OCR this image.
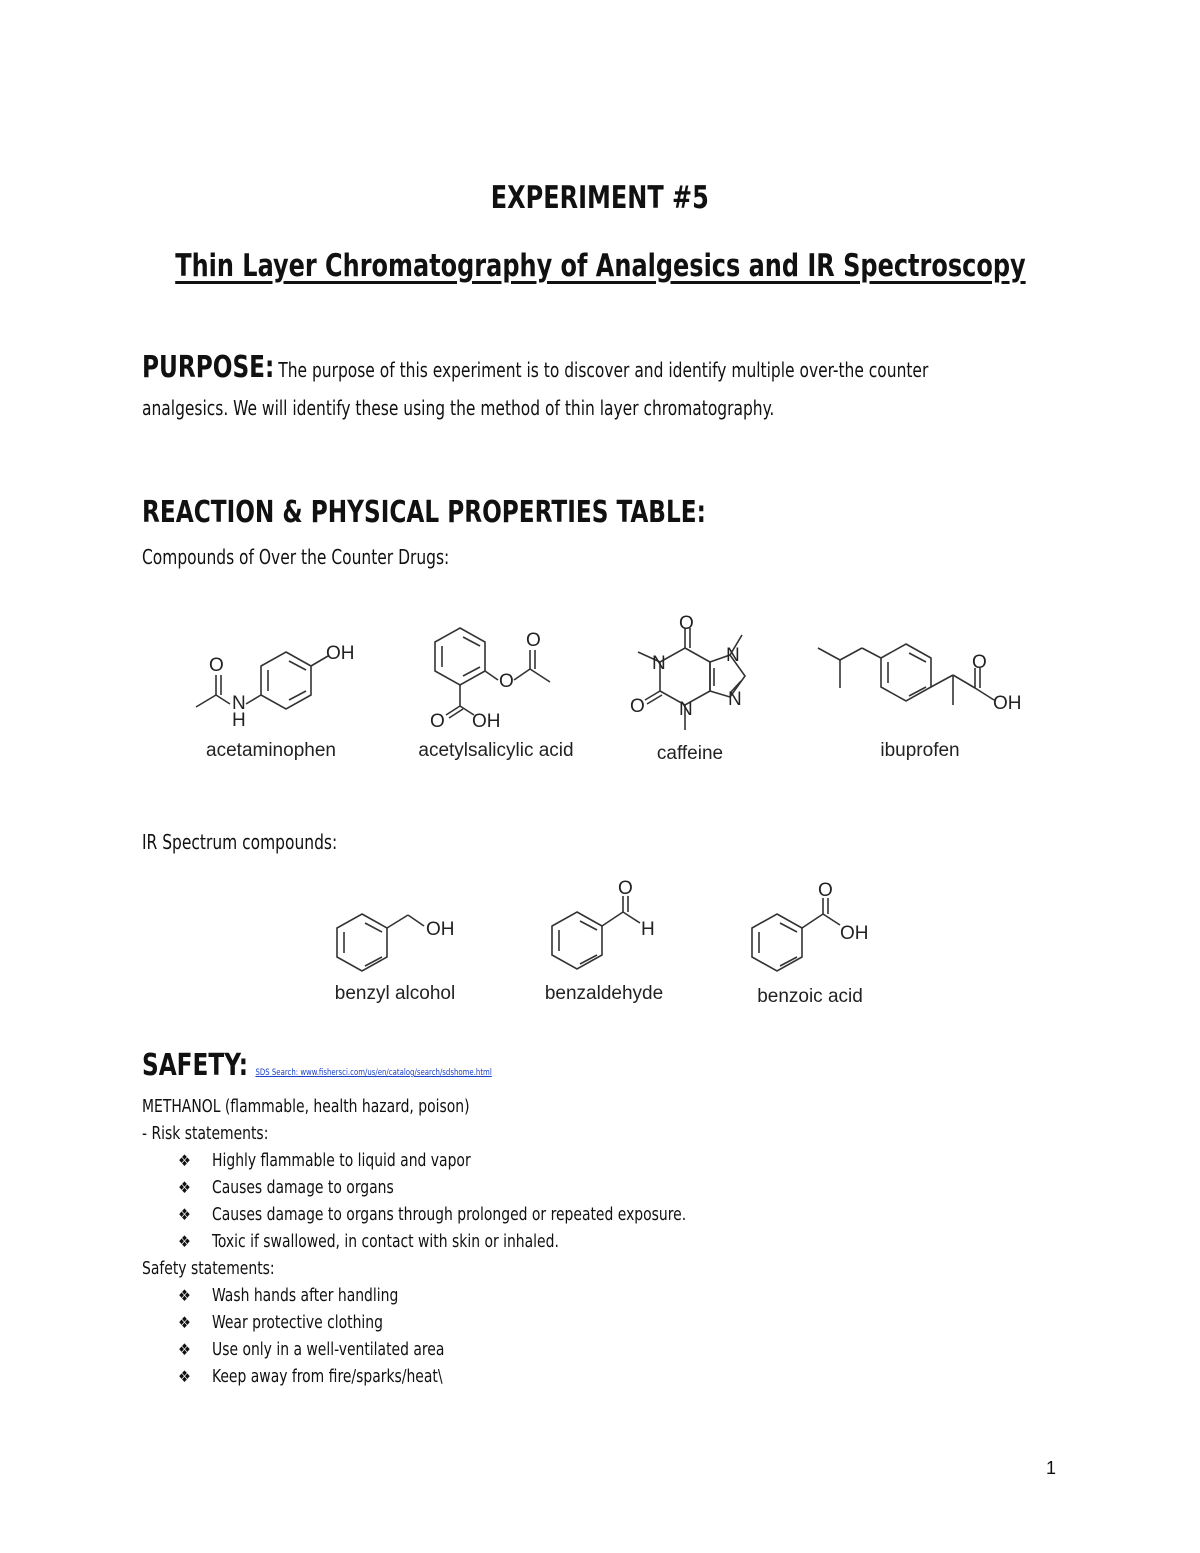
EXPERIMENT #5
Thin Layer Chromatography of Analgesics and IR Spectroscopy
PURPOSE: The purpose of this experiment is to discover and identify multiple over-the counter
analgesics. We will identify these using the method of thin layer chromatography.
REACTION & PHYSICAL PROPERTIES TABLE:
Compounds of Over the Counter Drugs:
OH
O
N
H
O
O
O OH
O
N	N
N
O N
O
OH
OH
O
H
O
OH
acetaminophen	acetylsalicylic acid	caffeine	ibuprofen
IR Spectrum compounds:
benzyl alcohol	benzaldehyde	benzoic acid
SAFETY: SDS Search: www.fishersci.com/us/en/catalog/search/sdshome.html
METHANOL (flammable, health hazard, poison)
- Risk statements:
❖Highly flammable to liquid and vapor
❖ Causes damage to organs
❖ Causes damage to organs through prolonged or repeated exposure.
❖ Toxic if swallowed, in contact with skin or inhaled.
Safety statements:
❖ Wash hands after handling
❖ Wear protective clothing
❖ Use only in a well-ventilated area
❖ Keep away from fire/sparks/heat\
1
